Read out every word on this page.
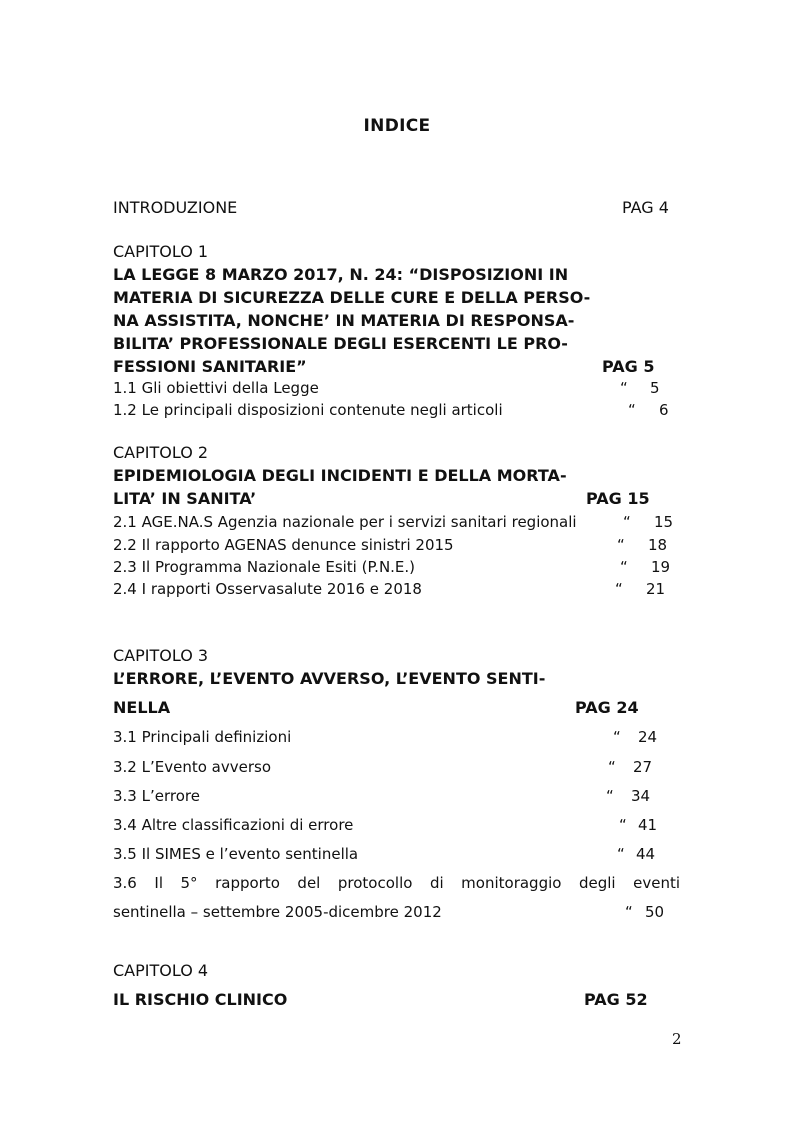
INDICE
INTRODUZIONE	PAG 4
CAPITOLO 1
LA LEGGE 8 MARZO 2017, N. 24: “DISPOSIZIONI IN
MATERIA DI SICUREZZA DELLE CURE E DELLA PERSO-
NA ASSISTITA, NONCHE’ IN MATERIA DI RESPONSA-
BILITA’ PROFESSIONALE DEGLI ESERCENTI LE PRO-
FESSIONI SANITARIE”	PAG 5
1.1 Gli obiettivi della Legge	“ 5
1.2 Le principali disposizioni contenute negli articoli	“ 6
CAPITOLO 2
EPIDEMIOLOGIA DEGLI INCIDENTI E DELLA MORTA-
LITA’ IN SANITA’	PAG 15
2.1 AGE.NA.S Agenzia nazionale per i servizi sanitari regionali	“ 15
2.2 Il rapporto AGENAS denunce sinistri 2015	“ 18
2.3 Il Programma Nazionale Esiti (P.N.E.)	“ 19
2.4 I rapporti Osservasalute 2016 e 2018	“ 21
CAPITOLO 3
L’ERRORE, L’EVENTO AVVERSO, L’EVENTO SENTI-
NELLA	PAG 24
3.1 Principali definizioni	“ 24
3.2 L’Evento avverso	“ 27
3.3 L’errore	“ 34
3.4 Altre classificazioni di errore	“ 41
3.5 Il SIMES e l’evento sentinella	“ 44
3.6 Il 5° rapporto del protocollo di monitoraggio degli eventi
sentinella – settembre 2005-dicembre 2012	“ 50
CAPITOLO 4
IL RISCHIO CLINICO	PAG 52
2
